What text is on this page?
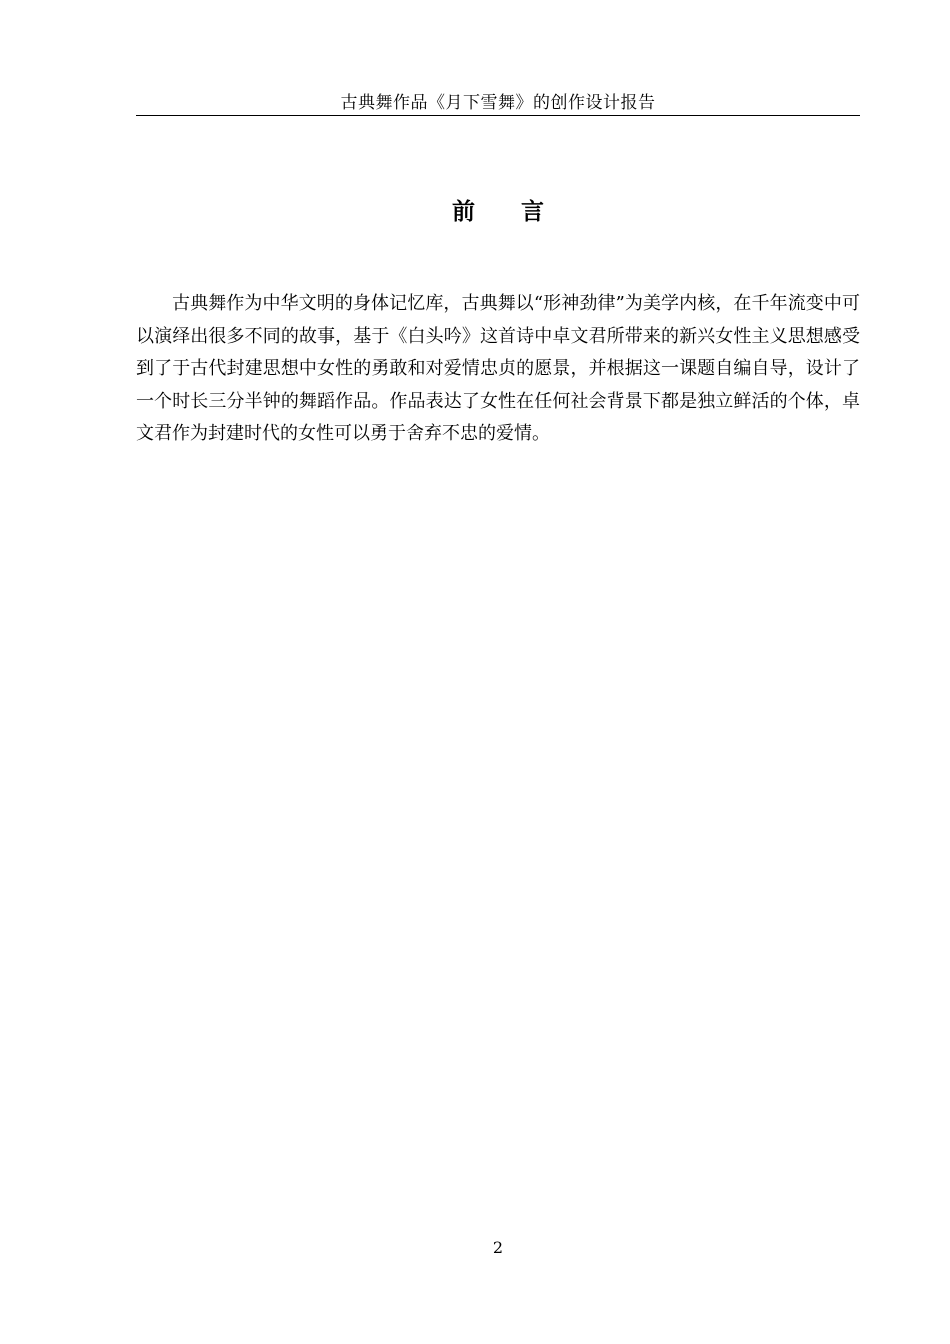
古典舞作品《月下雪舞》的创作设计报告
前 言

古典舞作为中华文明的身体记忆库，古典舞以“形神劲律”为美学内核，在千年流变中可以演绎出很多不同的故事，基于《白头吟》这首诗中卓文君所带来的新兴女性主义思想感受到了于古代封建思想中女性的勇敢和对爱情忠贞的愿景，并根据这一课题自编自导，设计了一个时长三分半钟的舞蹈作品。作品表达了女性在任何社会背景下都是独立鲜活的个体，卓文君作为封建时代的女性可以勇于舍弃不忠的爱情。

2
